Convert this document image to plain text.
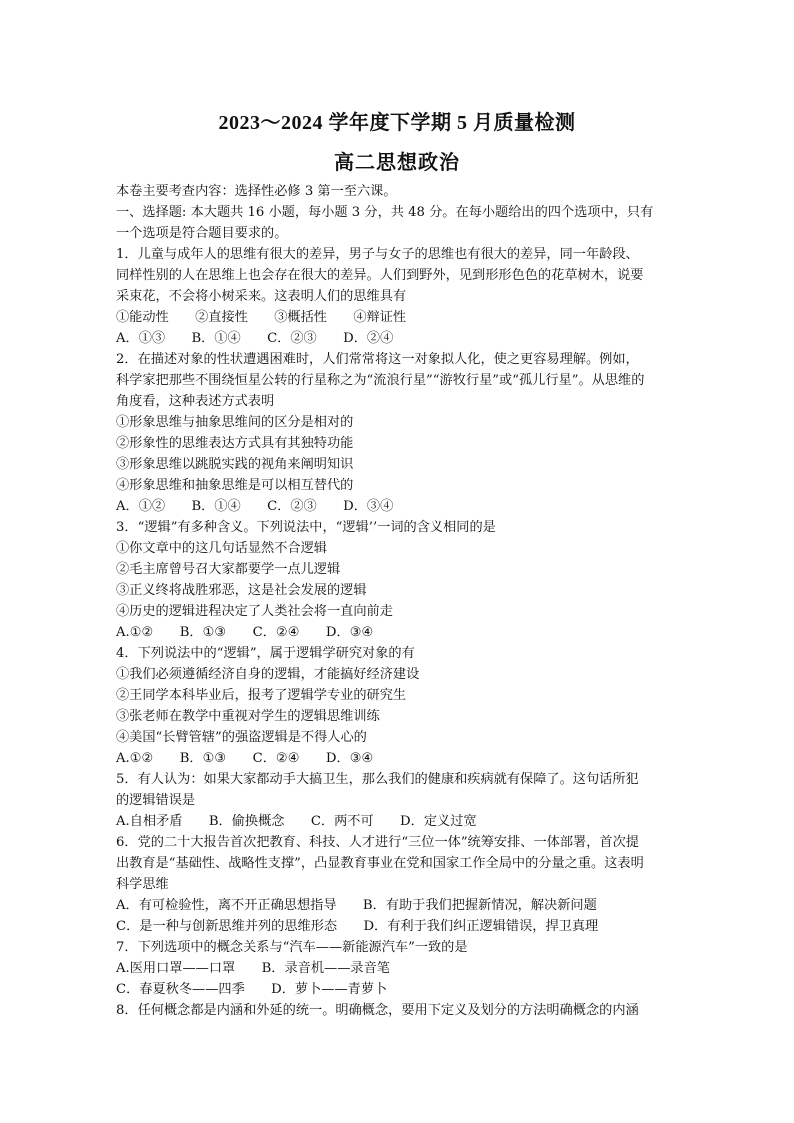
2023～2024 学年度下学期 5 月质量检测
高二思想政治
本卷主要考查内容：选择性必修 3 第一至六课。
一、选择题: 本大题共 16 小题，每小题 3 分，共 48 分。在每小题给出的四个选项中，只有
一个选项是符合题目要求的。
1．儿童与成年人的思维有很大的差异，男子与女子的思维也有很大的差异，同一年龄段、
同样性别的人在思维上也会存在很大的差异。人们到野外，见到形形色色的花草树木，说要
采束花，不会将小树采来。这表明人们的思维具有
①能动性　　②直接性　　③概括性　　④辩证性
A．①③　　B．①④　　C．②③　　D．②④
2．在描述对象的性状遭遇困难时，人们常常将这一对象拟人化，使之更容易理解。例如，
科学家把那些不围绕恒星公转的行星称之为“流浪行星”“游牧行星”或“孤儿行星”。从思维的
角度看，这种表述方式表明
①形象思维与抽象思维间的区分是相对的
②形象性的思维表达方式具有其独特功能
③形象思维以跳脱实践的视角来阐明知识
④形象思维和抽象思维是可以相互替代的
A．①②　　B．①④　　C．②③　　D．③④
3．“逻辑”有多种含义。下列说法中，“逻辑’’一词的含义相同的是
①你文章中的这几句话显然不合逻辑
②毛主席曾号召大家都要学一点儿逻辑
③正义终将战胜邪恶，这是社会发展的逻辑
④历史的逻辑进程决定了人类社会将一直向前走
A.①②　　B．①③　　C．②④　　D．③④
4．下列说法中的“逻辑”，属于逻辑学研究对象的有
①我们必须遵循经济自身的逻辑，才能搞好经济建设
②王同学本科毕业后，报考了逻辑学专业的研究生
③张老师在教学中重视对学生的逻辑思维训练
④美国“长臂管辖”的强盗逻辑是不得人心的
A.①②　　B．①③　　C．②④　　D．③④
5．有人认为：如果大家都动手大搞卫生，那么我们的健康和疾病就有保障了。这句话所犯
的逻辑错误是
A.自相矛盾　　B．偷换概念　　C．两不可　　D．定义过宽
6．党的二十大报告首次把教育、科技、人才进行“三位一体”统筹安排、一体部署，首次提
出教育是“基础性、战略性支撑”，凸显教育事业在党和国家工作全局中的分量之重。这表明
科学思维
A．有可检验性，离不开正确思想指导　　B．有助于我们把握新情况，解决新问题
C．是一种与创新思维并列的思维形态　　D．有利于我们纠正逻辑错误，捍卫真理
7．下列选项中的概念关系与“汽车——新能源汽车”一致的是
A.医用口罩——口罩　　B．录音机——录音笔
C．春夏秋冬——四季　　D．萝卜——青萝卜
8．任何概念都是内涵和外延的统一。明确概念，要用下定义及划分的方法明确概念的内涵
